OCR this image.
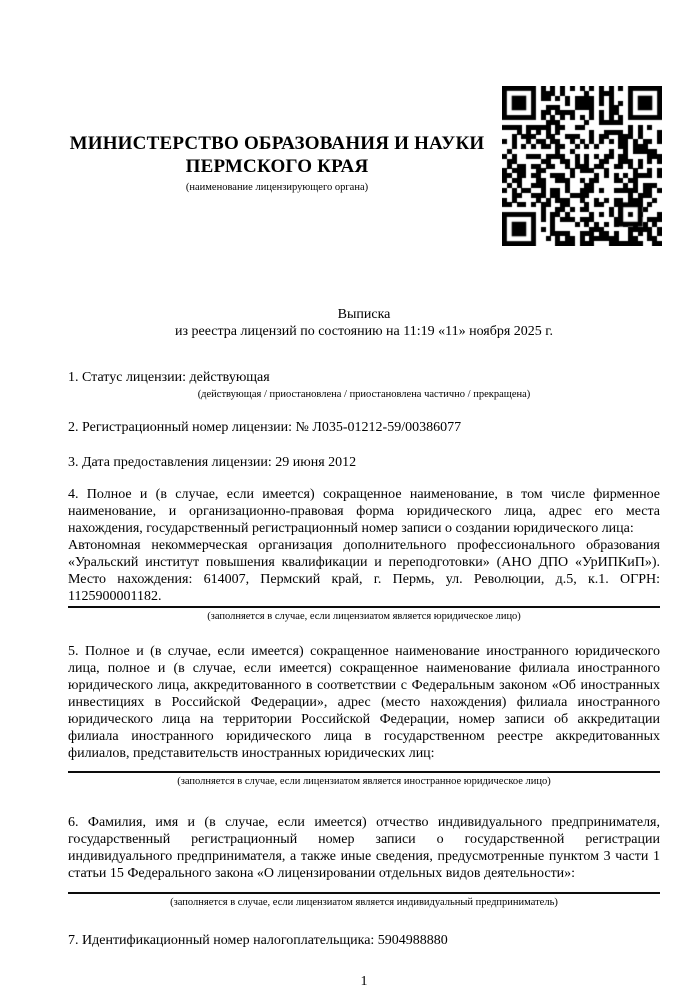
МИНИСТЕРСТВО ОБРАЗОВАНИЯ И НАУКИ
ПЕРМСКОГО КРАЯ
(наименование лицензирующего органа)
Выписка
из реестра лицензий по состоянию на 11:19 «11» ноября 2025 г.
1. Статус лицензии: действующая
(действующая / приостановлена / приостановлена частично / прекращена)
2. Регистрационный номер лицензии: № Л035-01212-59/00386077
3. Дата предоставления лицензии: 29 июня 2012
4. Полное и (в случае, если имеется) сокращенное наименование, в том числе фирменное наименование, и организационно-правовая форма юридического лица, адрес его места нахождения, государственный регистрационный номер записи о создании юридического лица:
Автономная некоммерческая организация дополнительного профессионального образования «Уральский институт повышения квалификации и переподготовки» (АНО ДПО «УрИПКиП»). Место нахождения: 614007, Пермский край, г. Пермь, ул. Революции, д.5, к.1. ОГРН: 1125900001182.
(заполняется в случае, если лицензиатом является юридическое лицо)
5. Полное и (в случае, если имеется) сокращенное наименование иностранного юридического лица, полное и (в случае, если имеется) сокращенное наименование филиала иностранного юридического лица, аккредитованного в соответствии с Федеральным законом «Об иностранных инвестициях в Российской Федерации», адрес (место нахождения) филиала иностранного юридического лица на территории Российской Федерации, номер записи об аккредитации филиала иностранного юридического лица в государственном реестре аккредитованных филиалов, представительств иностранных юридических лиц:
(заполняется в случае, если лицензиатом является иностранное юридическое лицо)
6. Фамилия, имя и (в случае, если имеется) отчество индивидуального предпринимателя, государственный регистрационный номер записи о государственной регистрации индивидуального предпринимателя, а также иные сведения, предусмотренные пунктом 3 части 1 статьи 15 Федерального закона «О лицензировании отдельных видов деятельности»:
(заполняется в случае, если лицензиатом является индивидуальный предприниматель)
7. Идентификационный номер налогоплательщика: 5904988880
1
